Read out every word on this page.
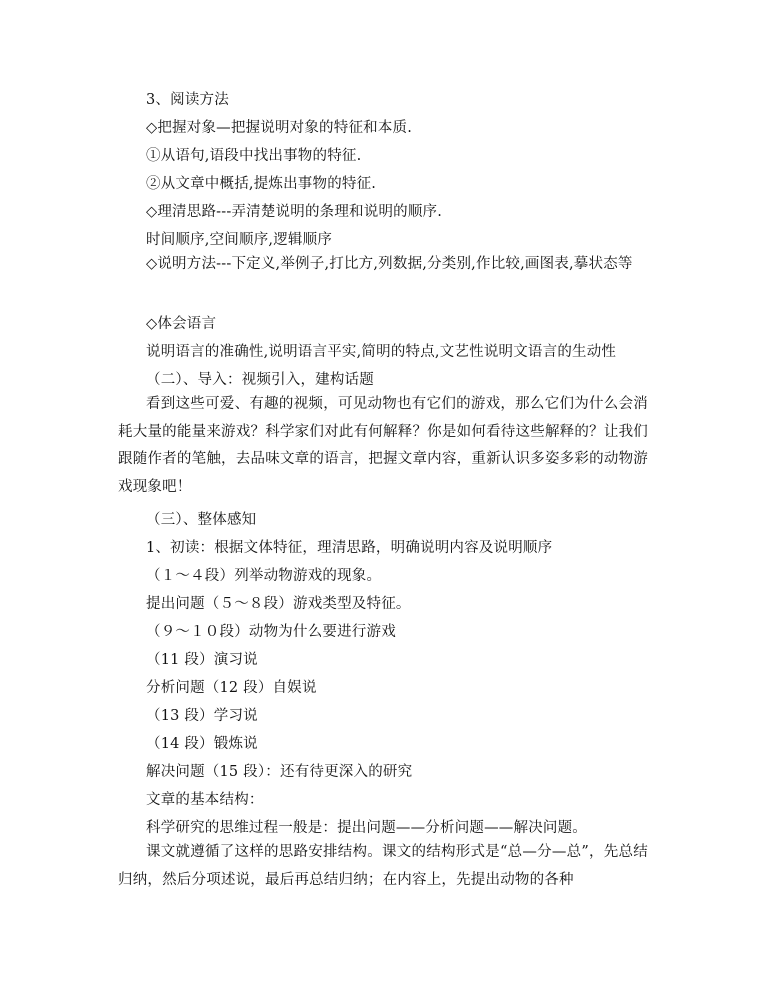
3、阅读方法
◇把握对象—把握说明对象的特征和本质.
①从语句,语段中找出事物的特征.
②从文章中概括,提炼出事物的特征.
◇理清思路---弄清楚说明的条理和说明的顺序.
时间顺序,空间顺序,逻辑顺序
◇说明方法---下定义,举例子,打比方,列数据,分类别,作比较,画图表,摹状态等
◇体会语言
说明语言的准确性,说明语言平实,简明的特点,文艺性说明文语言的生动性
（二）、导入：视频引入，建构话题
看到这些可爱、有趣的视频，可见动物也有它们的游戏，那么它们为什么会消耗大量的能量来游戏？科学家们对此有何解释？你是如何看待这些解释的？让我们跟随作者的笔触，去品味文章的语言，把握文章内容，重新认识多姿多彩的动物游戏现象吧！
（三）、整体感知
1、初读：根据文体特征，理清思路，明确说明内容及说明顺序
（１～４段）列举动物游戏的现象。
提出问题（５～８段）游戏类型及特征。
（９～１０段）动物为什么要进行游戏
（11 段）演习说
分析问题（12 段）自娱说
（13 段）学习说
（14 段）锻炼说
解决问题（15 段）：还有待更深入的研究
文章的基本结构：
科学研究的思维过程一般是：提出问题——分析问题——解决问题。
课文就遵循了这样的思路安排结构。课文的结构形式是“总—分—总”，先总结归纳，然后分项述说，最后再总结归纳；在内容上，先提出动物的各种
